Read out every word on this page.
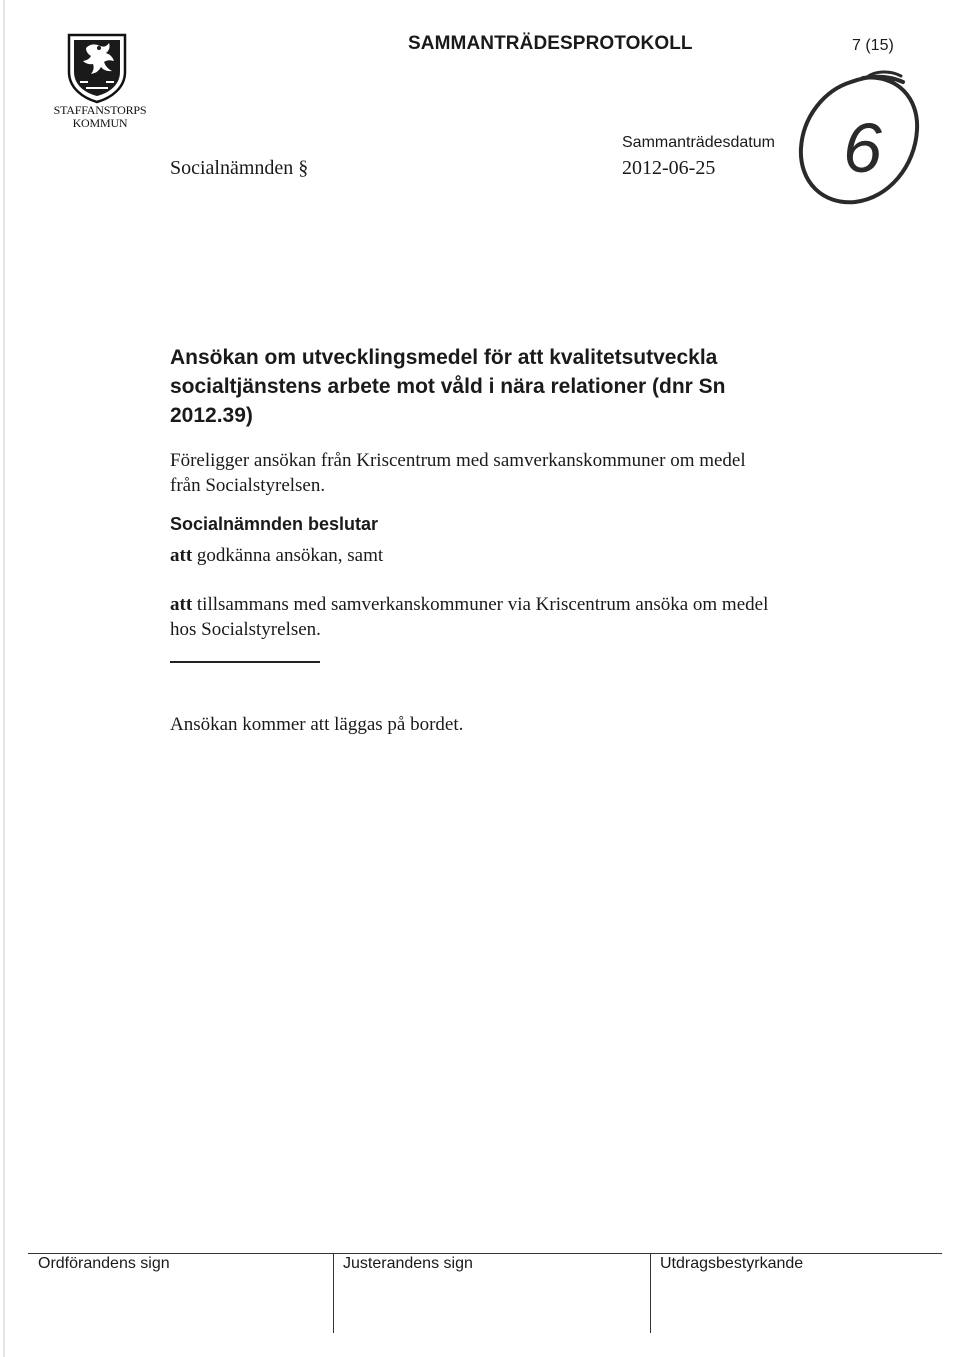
STAFFANSTORPS
KOMMUN
SAMMANTRÄDESPROTOKOLL	7 (15)
Socialnämnden §
Sammanträdesdatum
2012-06-25 6
Ansökan om utvecklingsmedel för att kvalitetsutveckla
socialtjänstens arbete mot våld i nära relationer (dnr Sn
2012.39)
Föreligger ansökan från Kriscentrum med samverkanskommuner om medel
från Socialstyrelsen.
Socialnämnden beslutar
att godkänna ansökan, samt
att tillsammans med samverkanskommuner via Kriscentrum ansöka om medel
hos Socialstyrelsen.
Ansökan kommer att läggas på bordet.
Ordförandens sign	Justerandens sign	Utdragsbestyrkande
